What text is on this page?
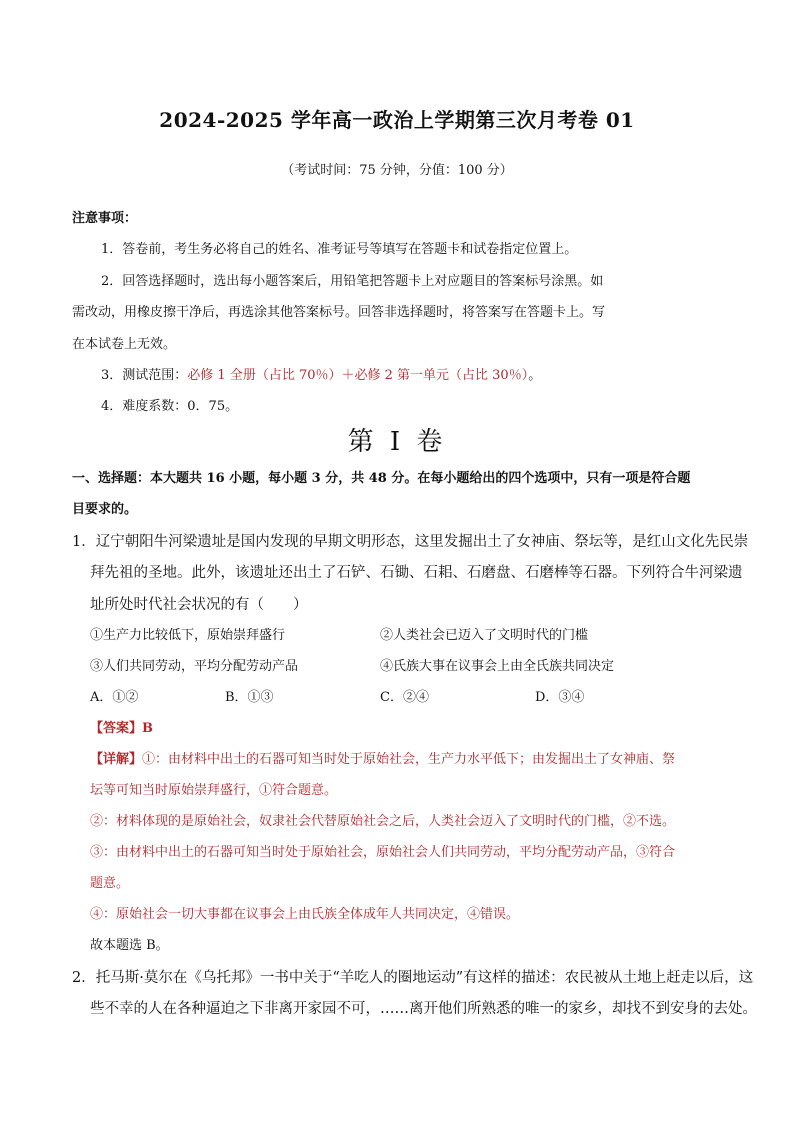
2024-2025 学年高一政治上学期第三次月考卷 01
（考试时间：75 分钟，分值：100 分）
注意事项：
1．答卷前，考生务必将自己的姓名、准考证号等填写在答题卡和试卷指定位置上。
2．回答选择题时，选出每小题答案后，用铅笔把答题卡上对应题目的答案标号涂黑。如
需改动，用橡皮擦干净后，再选涂其他答案标号。回答非选择题时，将答案写在答题卡上。写
在本试卷上无效。
3．测试范围：必修 1 全册（占比 70％）＋必修 2 第一单元（占比 30％）。
4．难度系数：0．75。
第 I 卷
一、选择题：本大题共 16 小题，每小题 3 分，共 48 分。在每小题给出的四个选项中，只有一项是符合题
目要求的。
1．辽宁朝阳牛河梁遗址是国内发现的早期文明形态，这里发掘出土了女神庙、祭坛等，是红山文化先民崇
拜先祖的圣地。此外，该遗址还出土了石铲、石锄、石耜、石磨盘、石磨棒等石器。下列符合牛河梁遗
址所处时代社会状况的有（　　）
①生产力比较低下，原始崇拜盛行	②人类社会已迈入了文明时代的门槛
③人们共同劳动，平均分配劳动产品	④氏族大事在议事会上由全氏族共同决定
A．①②	B．①③	C．②④	D．③④
【答案】B
【详解】①：由材料中出土的石器可知当时处于原始社会，生产力水平低下；由发掘出土了女神庙、祭
坛等可知当时原始崇拜盛行，①符合题意。
②：材料体现的是原始社会，奴隶社会代替原始社会之后，人类社会迈入了文明时代的门槛，②不选。
③：由材料中出土的石器可知当时处于原始社会，原始社会人们共同劳动，平均分配劳动产品，③符合
题意。
④：原始社会一切大事都在议事会上由氏族全体成年人共同决定，④错误。
故本题选 B。
2．托马斯·莫尔在《乌托邦》一书中关于“羊吃人的圈地运动”有这样的描述：农民被从土地上赶走以后，这
些不幸的人在各种逼迫之下非离开家园不可，……离开他们所熟悉的唯一的家乡，却找不到安身的去处。
